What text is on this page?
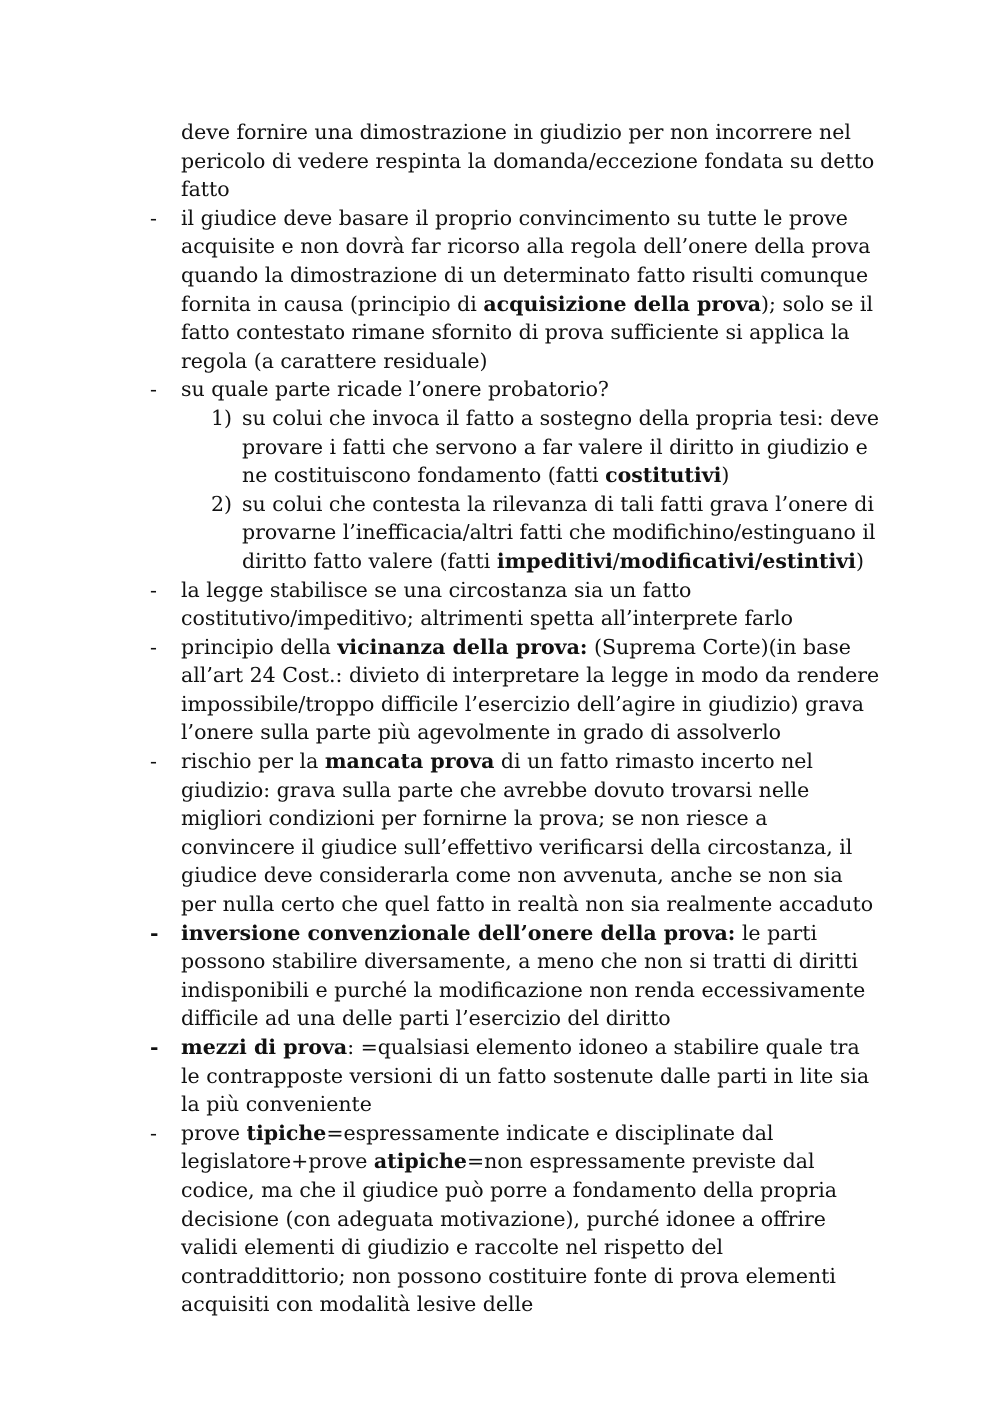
deve fornire una dimostrazione in giudizio per non incorrere nel pericolo di vedere respinta la domanda/eccezione fondata su detto fatto
-	il giudice deve basare il proprio convincimento su tutte le prove acquisite e non dovrà far ricorso alla regola dell’onere della prova quando la dimostrazione di un determinato fatto risulti comunque fornita in causa (principio di acquisizione della prova); solo se il fatto contestato rimane sfornito di prova sufficiente si applica la regola (a carattere residuale)
-	su quale parte ricade l’onere probatorio?
1) su colui che invoca il fatto a sostegno della propria tesi: deve provare i fatti che servono a far valere il diritto in giudizio e ne costituiscono fondamento (fatti costitutivi)
2) su colui che contesta la rilevanza di tali fatti grava l’onere di provarne l’inefficacia/altri fatti che modifichino/estinguano il diritto fatto valere (fatti impeditivi/modificativi/estintivi)
-	la legge stabilisce se una circostanza sia un fatto costitutivo/impeditivo; altrimenti spetta all’interprete farlo
-	principio della vicinanza della prova: (Suprema Corte)(in base all’art 24 Cost.: divieto di interpretare la legge in modo da rendere impossibile/troppo difficile l’esercizio dell’agire in giudizio) grava l’onere sulla parte più agevolmente in grado di assolverlo
-	rischio per la mancata prova di un fatto rimasto incerto nel giudizio: grava sulla parte che avrebbe dovuto trovarsi nelle migliori condizioni per fornirne la prova; se non riesce a convincere il giudice sull’effettivo verificarsi della circostanza, il giudice deve considerarla come non avvenuta, anche se non sia per nulla certo che quel fatto in realtà non sia realmente accaduto
-	inversione convenzionale dell’onere della prova: le parti possono stabilire diversamente, a meno che non si tratti di diritti indisponibili e purché la modificazione non renda eccessivamente difficile ad una delle parti l’esercizio del diritto
-	mezzi di prova: =qualsiasi elemento idoneo a stabilire quale tra le contrapposte versioni di un fatto sostenute dalle parti in lite sia la più conveniente
-	prove tipiche=espressamente indicate e disciplinate dal legislatore+prove atipiche=non espressamente previste dal codice, ma che il giudice può porre a fondamento della propria decisione (con adeguata motivazione), purché idonee a offrire validi elementi di giudizio e raccolte nel rispetto del contraddittorio; non possono costituire fonte di prova elementi acquisiti con modalità lesive delle
